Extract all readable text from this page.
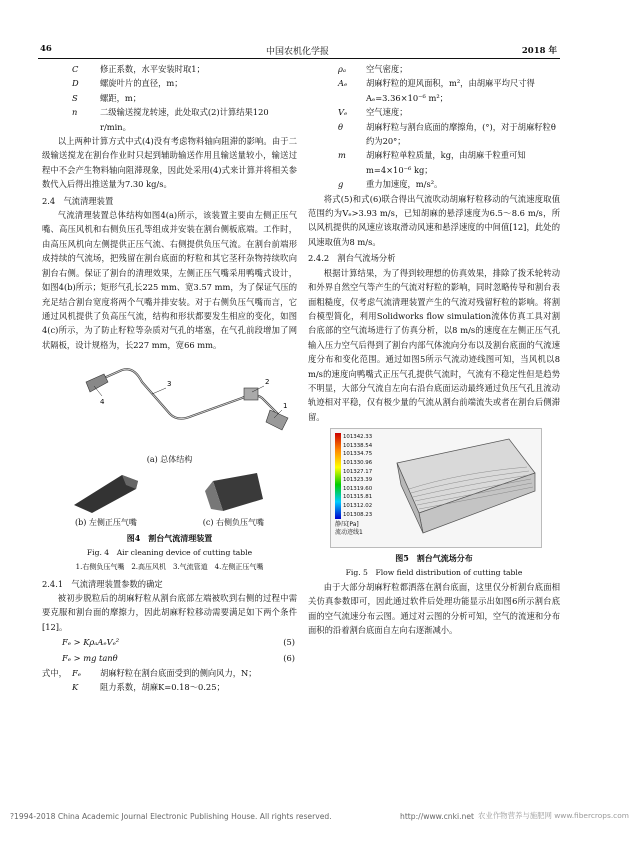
46	中国农机化学报	2018 年
C	修正系数，水平安装时取1；
D	螺旋叶片的直径，m；
S	螺距，m；
n	二级输送搅龙转速，此处取式(2)计算结果120 r/min。

以上两种计算方式中式(4)没有考虑物料轴向阻滞的影响。由于二级输送搅龙在割台作业时只起到辅助输送作用且输送量较小，输送过程中不会产生物料轴向阻滞现象，因此处采用(4)式来计算并将相关参数代入后得出推送量为7.30 kg/s。

2.4　气流清理装置

气流清理装置总体结构如图4(a)所示，该装置主要由左侧正压气嘴、高压风机和右侧负压孔等组成并安装在割台侧板底端。工作时，由高压风机向左侧提供正压气流、右侧提供负压气流。在割台前端形成持续的气流场，把残留在割台底面的籽粒和其它茎秆杂物持续吹向割台右侧。保证了割台的清理效果，左侧正压气嘴采用鸭嘴式设计，如图4(b)所示；矩形气孔长225 mm、宽3.57 mm，为了保证气压的充足结合割台宽度将两个气嘴并排安装。对于右侧负压气嘴而言，它通过风机提供了负高压气流，结构和形状都要发生相应的变化，如图4(c)所示，为了防止籽粒等杂质对气孔的堵塞，在气孔前段增加了网状隔板，设计规格为，长227 mm，宽66 mm。

1
2
3
4
(a) 总体结构
(b) 左侧正压气嘴	(c) 右侧负压气嘴
图4　割台气流清理装置
Fig. 4　Air cleaning device of cutting table
1.右侧负压气嘴　2.高压风机　3.气流管道　4.左侧正压气嘴
2.4.1　气流清理装置参数的确定

被初步脱粒后的胡麻籽粒从割台底部左端被吹到右侧的过程中需要克服和割台面的摩擦力，因此胡麻籽粒移动需要满足如下两个条件[12]。

Fₑ > KρₐAₑVₑ²	(5)
Fₑ > mg tanθ	(6)
式中， Fₑ	胡麻籽粒在割台底面受到的侧向风力，N；
K	阻力系数，胡麻K=0.18～0.25；
ρₐ	空气密度；
Aₑ	胡麻籽粒的迎风面积，m²，由胡麻平均尺寸得Aₑ=3.36×10⁻⁶ m²；
Vₑ	空气速度；
θ	胡麻籽粒与割台底面的摩擦角，(°)，对于胡麻籽粒θ约为20°；
m	胡麻籽粒单粒质量，kg，由胡麻千粒重可知m=4×10⁻⁶ kg；
g	重力加速度，m/s²。

将式(5)和式(6)联合得出气流吹动胡麻籽粒移动的气流速度取值范围约为Vₑ>3.93 m/s，已知胡麻的悬浮速度为6.5～8.6 m/s，所以风机提供的风速应该取滑动风速和悬浮速度的中间值[12]，此处的风速取值为8 m/s。

2.4.2　割台气流场分析

根据计算结果，为了得到较理想的仿真效果，排除了拨禾轮转动和外界自然空气等产生的气流对籽粒的影响，同时忽略传导和割台表面粗糙度，仅考虑气流清理装置产生的气流对残留籽粒的影响。将割台模型简化，利用Solidworks flow simulation流体仿真工具对割台底部的空气流场进行了仿真分析，以8 m/s的速度在左侧正压气孔输入压力空气后得到了割台内部气体流向分布以及割台底面的气流速度分布和变化范围。通过如图5所示气流动迹线图可知，当风机以8 m/s的速度向鸭嘴式正压气孔提供气流时，气流有不稳定性但是趋势不明显，大部分气流自左向右沿台底面运动最终通过负压气孔且流动轨迹相对平稳，仅有极少量的气流从割台前端流失或者在割台后侧滞留。

101342.33
101338.54
101334.75
101330.96
101327.17
101323.39
101319.60
101315.81
101312.02
101308.23
静压[Pa]
流动迹线1
图5　割台气流场分布
Fig. 5　Flow field distribution of cutting table

由于大部分胡麻籽粒都洒落在割台底面，这里仅分析割台底面相关仿真参数即可，因此通过软件后处理功能显示出如图6所示割台底面的空气流速分布云图。通过对云图的分析可知，空气的流速和分布面积的沿着割台底面自左向右逐渐减小。

?1994-2018 China Academic Journal Electronic Publishing House. All rights reserved.	http://www.cnki.net 农业作物营养与施肥网 www.fibercrops.com
